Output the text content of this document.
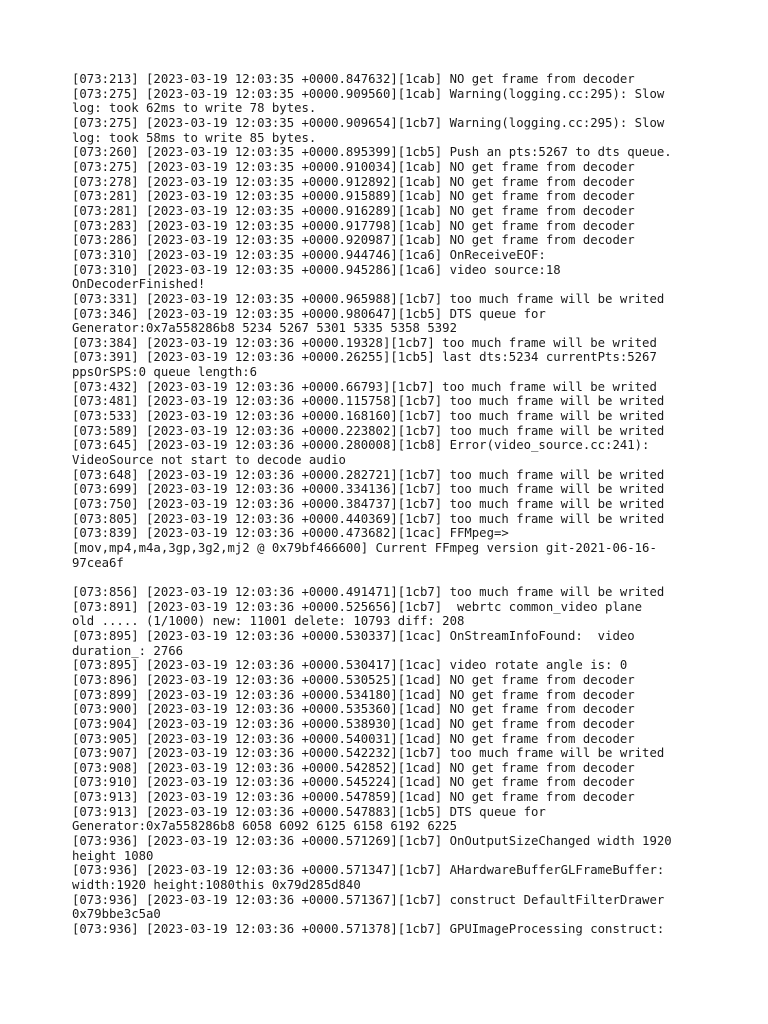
[073:213] [2023-03-19 12:03:35 +0000.847632][1cab] NO get frame from decoder
[073:275] [2023-03-19 12:03:35 +0000.909560][1cab] Warning(logging.cc:295): Slow
log: took 62ms to write 78 bytes.
[073:275] [2023-03-19 12:03:35 +0000.909654][1cb7] Warning(logging.cc:295): Slow
log: took 58ms to write 85 bytes.
[073:260] [2023-03-19 12:03:35 +0000.895399][1cb5] Push an pts:5267 to dts queue.
[073:275] [2023-03-19 12:03:35 +0000.910034][1cab] NO get frame from decoder
[073:278] [2023-03-19 12:03:35 +0000.912892][1cab] NO get frame from decoder
[073:281] [2023-03-19 12:03:35 +0000.915889][1cab] NO get frame from decoder
[073:281] [2023-03-19 12:03:35 +0000.916289][1cab] NO get frame from decoder
[073:283] [2023-03-19 12:03:35 +0000.917798][1cab] NO get frame from decoder
[073:286] [2023-03-19 12:03:35 +0000.920987][1cab] NO get frame from decoder
[073:310] [2023-03-19 12:03:35 +0000.944746][1ca6] OnReceiveEOF:
[073:310] [2023-03-19 12:03:35 +0000.945286][1ca6] video source:18
OnDecoderFinished!
[073:331] [2023-03-19 12:03:35 +0000.965988][1cb7] too much frame will be writed
[073:346] [2023-03-19 12:03:35 +0000.980647][1cb5] DTS queue for
Generator:0x7a558286b8 5234 5267 5301 5335 5358 5392
[073:384] [2023-03-19 12:03:36 +0000.19328][1cb7] too much frame will be writed
[073:391] [2023-03-19 12:03:36 +0000.26255][1cb5] last dts:5234 currentPts:5267
ppsOrSPS:0 queue length:6
[073:432] [2023-03-19 12:03:36 +0000.66793][1cb7] too much frame will be writed
[073:481] [2023-03-19 12:03:36 +0000.115758][1cb7] too much frame will be writed
[073:533] [2023-03-19 12:03:36 +0000.168160][1cb7] too much frame will be writed
[073:589] [2023-03-19 12:03:36 +0000.223802][1cb7] too much frame will be writed
[073:645] [2023-03-19 12:03:36 +0000.280008][1cb8] Error(video_source.cc:241):
VideoSource not start to decode audio
[073:648] [2023-03-19 12:03:36 +0000.282721][1cb7] too much frame will be writed
[073:699] [2023-03-19 12:03:36 +0000.334136][1cb7] too much frame will be writed
[073:750] [2023-03-19 12:03:36 +0000.384737][1cb7] too much frame will be writed
[073:805] [2023-03-19 12:03:36 +0000.440369][1cb7] too much frame will be writed
[073:839] [2023-03-19 12:03:36 +0000.473682][1cac] FFMpeg=>
[mov,mp4,m4a,3gp,3g2,mj2 @ 0x79bf466600] Current FFmpeg version git-2021-06-16-
97cea6f
[073:856] [2023-03-19 12:03:36 +0000.491471][1cb7] too much frame will be writed
[073:891] [2023-03-19 12:03:36 +0000.525656][1cb7]  webrtc common_video plane
old ..... (1/1000) new: 11001 delete: 10793 diff: 208
[073:895] [2023-03-19 12:03:36 +0000.530337][1cac] OnStreamInfoFound:  video
duration_: 2766
[073:895] [2023-03-19 12:03:36 +0000.530417][1cac] video rotate angle is: 0
[073:896] [2023-03-19 12:03:36 +0000.530525][1cad] NO get frame from decoder
[073:899] [2023-03-19 12:03:36 +0000.534180][1cad] NO get frame from decoder
[073:900] [2023-03-19 12:03:36 +0000.535360][1cad] NO get frame from decoder
[073:904] [2023-03-19 12:03:36 +0000.538930][1cad] NO get frame from decoder
[073:905] [2023-03-19 12:03:36 +0000.540031][1cad] NO get frame from decoder
[073:907] [2023-03-19 12:03:36 +0000.542232][1cb7] too much frame will be writed
[073:908] [2023-03-19 12:03:36 +0000.542852][1cad] NO get frame from decoder
[073:910] [2023-03-19 12:03:36 +0000.545224][1cad] NO get frame from decoder
[073:913] [2023-03-19 12:03:36 +0000.547859][1cad] NO get frame from decoder
[073:913] [2023-03-19 12:03:36 +0000.547883][1cb5] DTS queue for
Generator:0x7a558286b8 6058 6092 6125 6158 6192 6225
[073:936] [2023-03-19 12:03:36 +0000.571269][1cb7] OnOutputSizeChanged width 1920
height 1080
[073:936] [2023-03-19 12:03:36 +0000.571347][1cb7] AHardwareBufferGLFrameBuffer:
width:1920 height:1080this 0x79d285d840
[073:936] [2023-03-19 12:03:36 +0000.571367][1cb7] construct DefaultFilterDrawer
0x79bbe3c5a0
[073:936] [2023-03-19 12:03:36 +0000.571378][1cb7] GPUImageProcessing construct:
